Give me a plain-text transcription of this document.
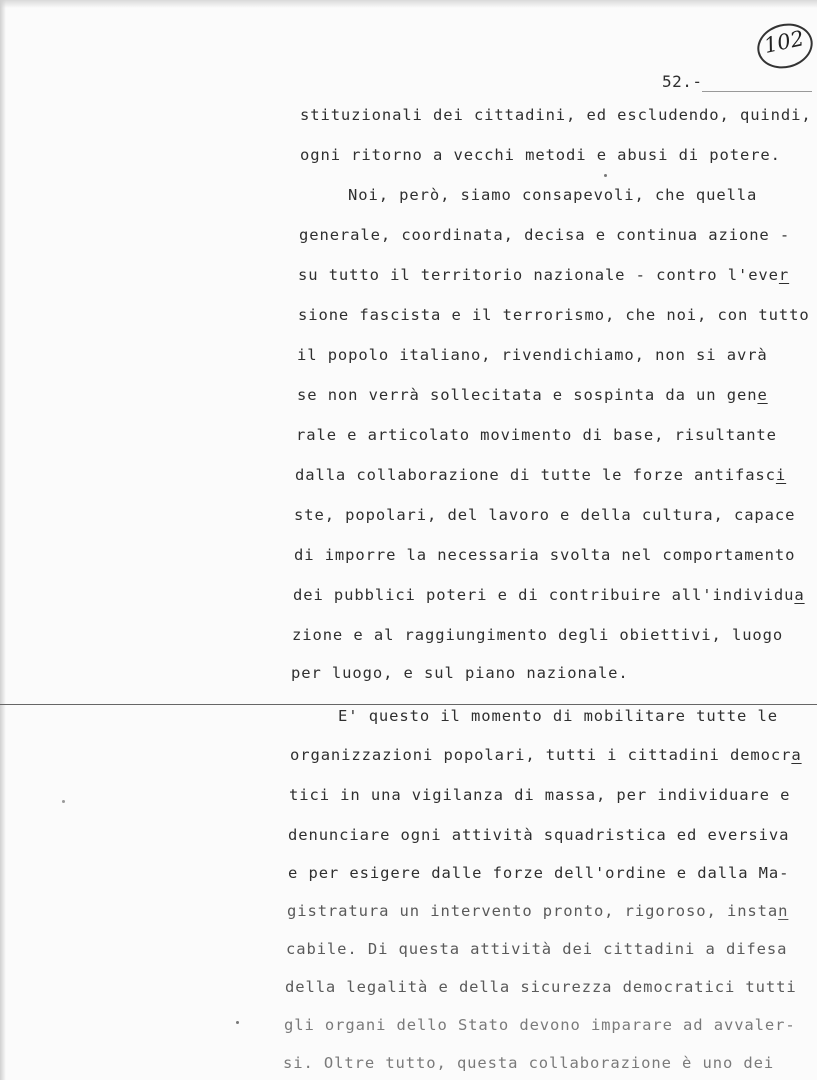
102
52.-
stituzionali dei cittadini, ed escludendo, quindi,
ogni ritorno a vecchi metodi e abusi di potere.
Noi, però, siamo consapevoli, che quella
generale, coordinata, decisa e continua azione -
su tutto il territorio nazionale - contro l'ever
sione fascista e il terrorismo, che noi, con tutto
il popolo italiano, rivendichiamo, non si avrà
se non verrà sollecitata e sospinta da un gene
rale e articolato movimento di base, risultante
dalla collaborazione di tutte le forze antifasci
ste, popolari, del lavoro e della cultura, capace
di imporre la necessaria svolta nel comportamento
dei pubblici poteri e di contribuire all'individua
zione e al raggiungimento degli obiettivi, luogo
per luogo, e sul piano nazionale.
E' questo il momento di mobilitare tutte le
organizzazioni popolari, tutti i cittadini democra
tici in una vigilanza di massa, per individuare e
denunciare ogni attività squadristica ed eversiva
e per esigere dalle forze dell'ordine e dalla Ma-
gistratura un intervento pronto, rigoroso, instan
cabile. Di questa attività dei cittadini a difesa
della legalità e della sicurezza democratici tutti
gli organi dello Stato devono imparare ad avvaler-
si. Oltre tutto, questa collaborazione è uno dei
